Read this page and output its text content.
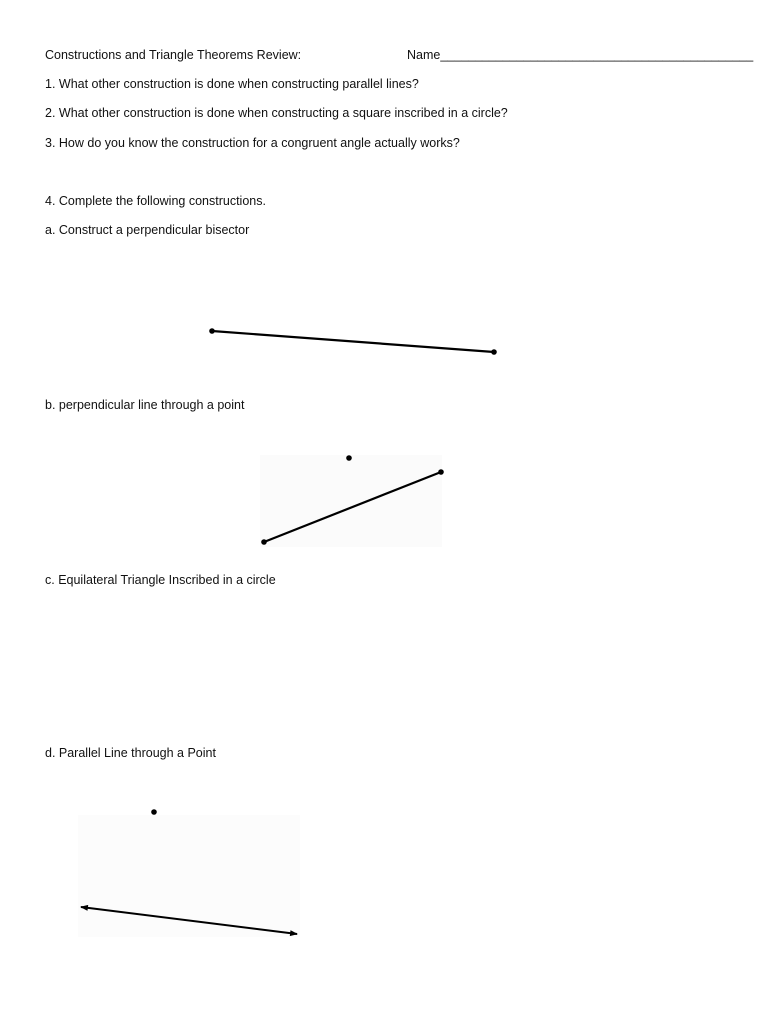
Constructions and Triangle Theorems Review:	Name_____________________________________________
1. What other construction is done when constructing parallel lines?
2. What other construction is done when constructing a square inscribed in a circle?
3. How do you know the construction for a congruent angle actually works?
4. Complete the following constructions.
a. Construct a perpendicular bisector
b. perpendicular line through a point
c. Equilateral Triangle Inscribed in a circle
d. Parallel Line through a Point
